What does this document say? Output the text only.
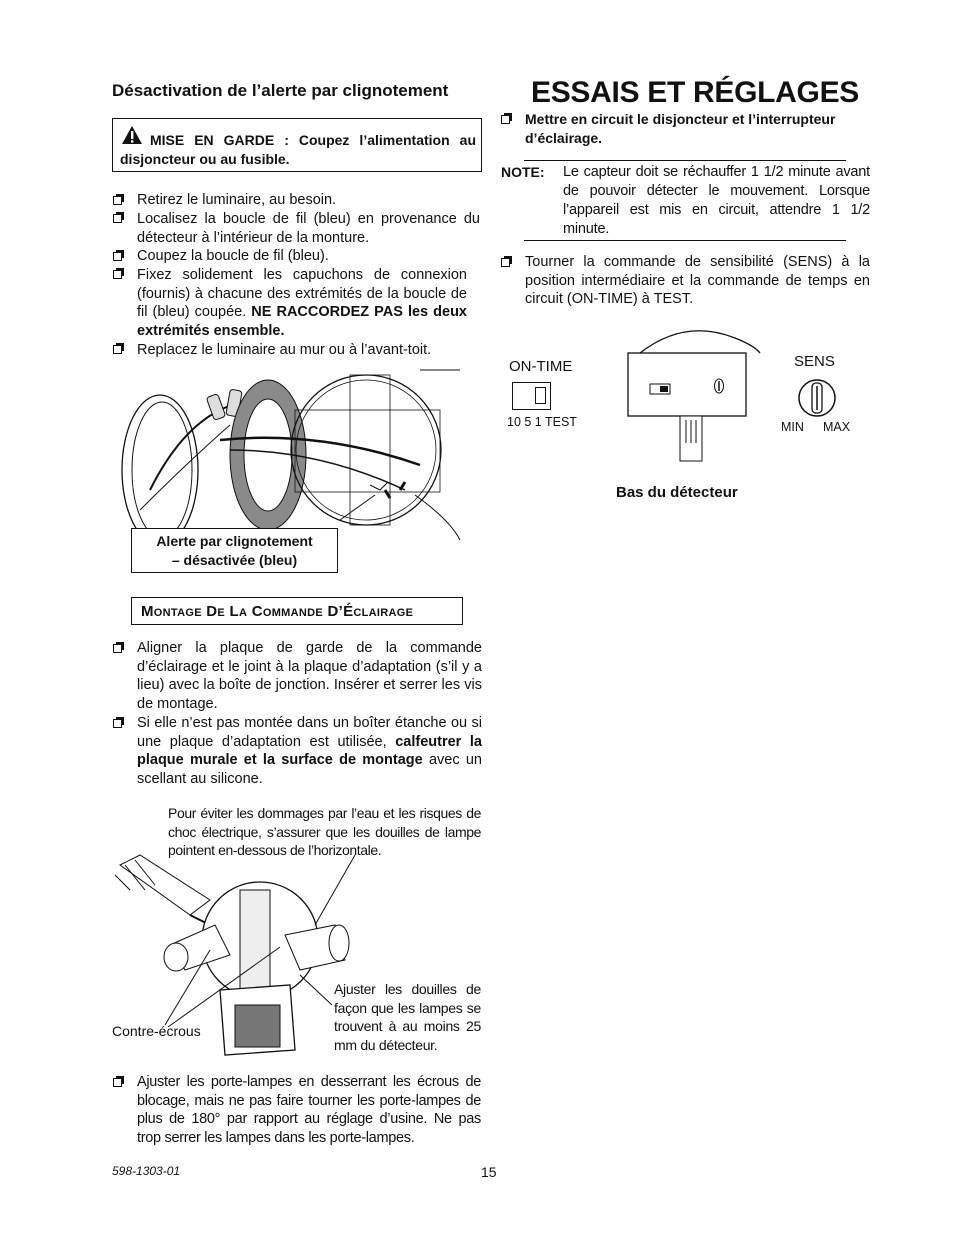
Désactivation de l’alerte par clignotement
MISE EN GARDE : Coupez l’alimentation au disjoncteur ou au fusible.
Retirez le luminaire, au besoin.
Localisez la boucle de fil (bleu) en provenance du détecteur à l’intérieur de la monture.
Coupez la boucle de fil (bleu).
Fixez solidement les capuchons de connexion (fournis) à chacune des extrémités de la boucle de fil (bleu) coupée. NE RACCORDEZ PAS les deux extrémités ensemble.
Replacez le luminaire au mur ou à l’avant-toit.
Alerte par clignotement
– désactivée (bleu)
Montage De La Commande D’Éclairage
Aligner la plaque de garde de la commande d’éclairage et le joint à la plaque d’adaptation (s’il y a lieu) avec la boîte de jonction. Insérer et serrer les vis de montage.
Si elle n’est pas montée dans un boîter étanche ou si une plaque d’adaptation est utilisée, calfeutrer la plaque murale et la surface de montage avec un scellant au silicone.
Pour éviter les dommages par l’eau et les risques de choc électrique, s’assurer que les douilles de lampe pointent en-dessous de l’horizontale.
Contre-écrous
Ajuster les douilles de façon que les lampes se trouvent à au moins 25 mm du détecteur.
Ajuster les porte-lampes en desserrant les écrous de blocage, mais ne pas faire tourner les porte-lampes de plus de 180° par rapport au réglage d’usine. Ne pas trop serrer les lampes dans les porte-lampes.
598-1303-01	15
ESSAIS ET RÉGLAGES
Mettre en circuit le disjoncteur et l’interrupteur d’éclairage.
NOTE: Le capteur doit se réchauffer 1 1/2 minute avant de pouvoir détecter le mouvement. Lorsque l’appareil est mis en circuit, attendre 1 1/2 minute.
Tourner la commande de sensibilité (SENS) à la position intermédiaire et la commande de temps en circuit (ON-TIME) à TEST.
ON-TIME
10 5 1 TEST
SENS
MIN MAX
Bas du détecteur
